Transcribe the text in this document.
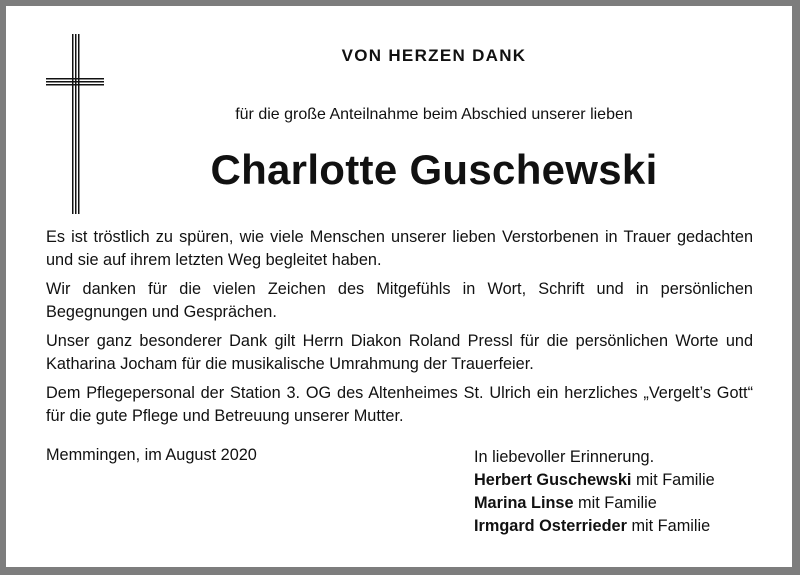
VON HERZEN DANK
für die große Anteilnahme beim Abschied unserer lieben
Charlotte Guschewski

Es ist tröstlich zu spüren, wie viele Menschen unserer lieben Verstorbenen in Trauer gedachten und sie auf ihrem letzten Weg begleitet haben.

Wir danken für die vielen Zeichen des Mitgefühls in Wort, Schrift und in persönlichen Begegnungen und Gesprächen.

Unser ganz besonderer Dank gilt Herrn Diakon Roland Pressl für die persönlichen Worte und Katharina Jocham für die musikalische Umrahmung der Trauerfeier.

Dem Pflegepersonal der Station 3. OG des Altenheimes St. Ulrich ein herzliches „Vergelt’s Gott“ für die gute Pflege und Betreuung unserer Mutter.

Memmingen, im August 2020	In liebevoller Erinnerung.
Herbert Guschewski mit Familie
Marina Linse mit Familie
Irmgard Osterrieder mit Familie
